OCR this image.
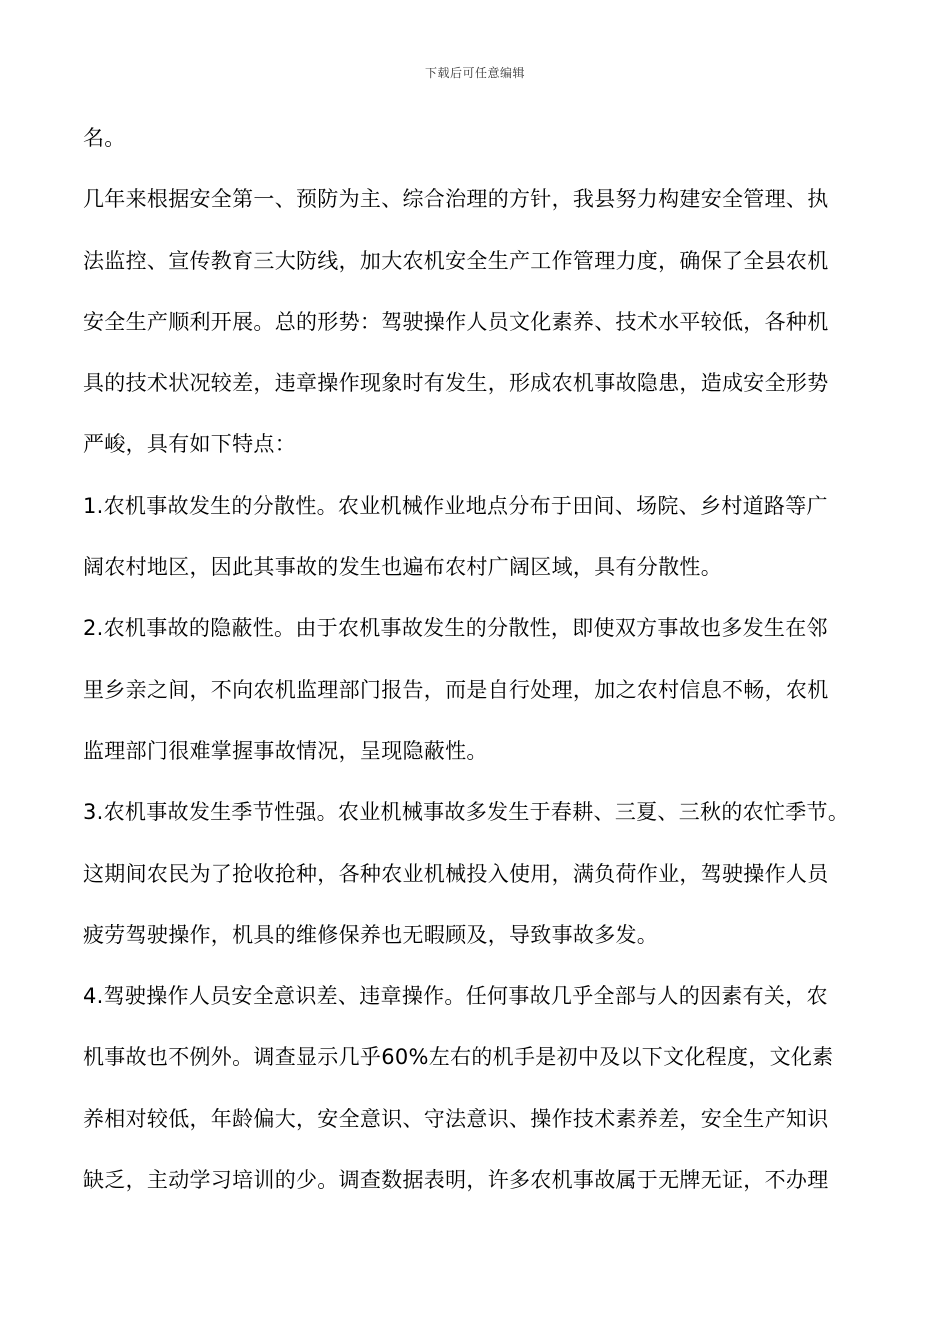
下载后可任意编辑
名。
几年来根据安全第一、预防为主、综合治理的方针，我县努力构建安全管理、执
法监控、宣传教育三大防线，加大农机安全生产工作管理力度，确保了全县农机
安全生产顺利开展。总的形势：驾驶操作人员文化素养、技术水平较低，各种机
具的技术状况较差，违章操作现象时有发生，形成农机事故隐患，造成安全形势
严峻，具有如下特点：
1.农机事故发生的分散性。农业机械作业地点分布于田间、场院、乡村道路等广
阔农村地区，因此其事故的发生也遍布农村广阔区域，具有分散性。
2.农机事故的隐蔽性。由于农机事故发生的分散性，即使双方事故也多发生在邻
里乡亲之间，不向农机监理部门报告，而是自行处理，加之农村信息不畅，农机
监理部门很难掌握事故情况，呈现隐蔽性。
3.农机事故发生季节性强。农业机械事故多发生于春耕、三夏、三秋的农忙季节。
这期间农民为了抢收抢种，各种农业机械投入使用，满负荷作业，驾驶操作人员
疲劳驾驶操作，机具的维修保养也无暇顾及，导致事故多发。
4.驾驶操作人员安全意识差、违章操作。任何事故几乎全部与人的因素有关，农
机事故也不例外。调查显示几乎60%左右的机手是初中及以下文化程度，文化素
养相对较低，年龄偏大，安全意识、守法意识、操作技术素养差，安全生产知识
缺乏，主动学习培训的少。调查数据表明，许多农机事故属于无牌无证，不办理
